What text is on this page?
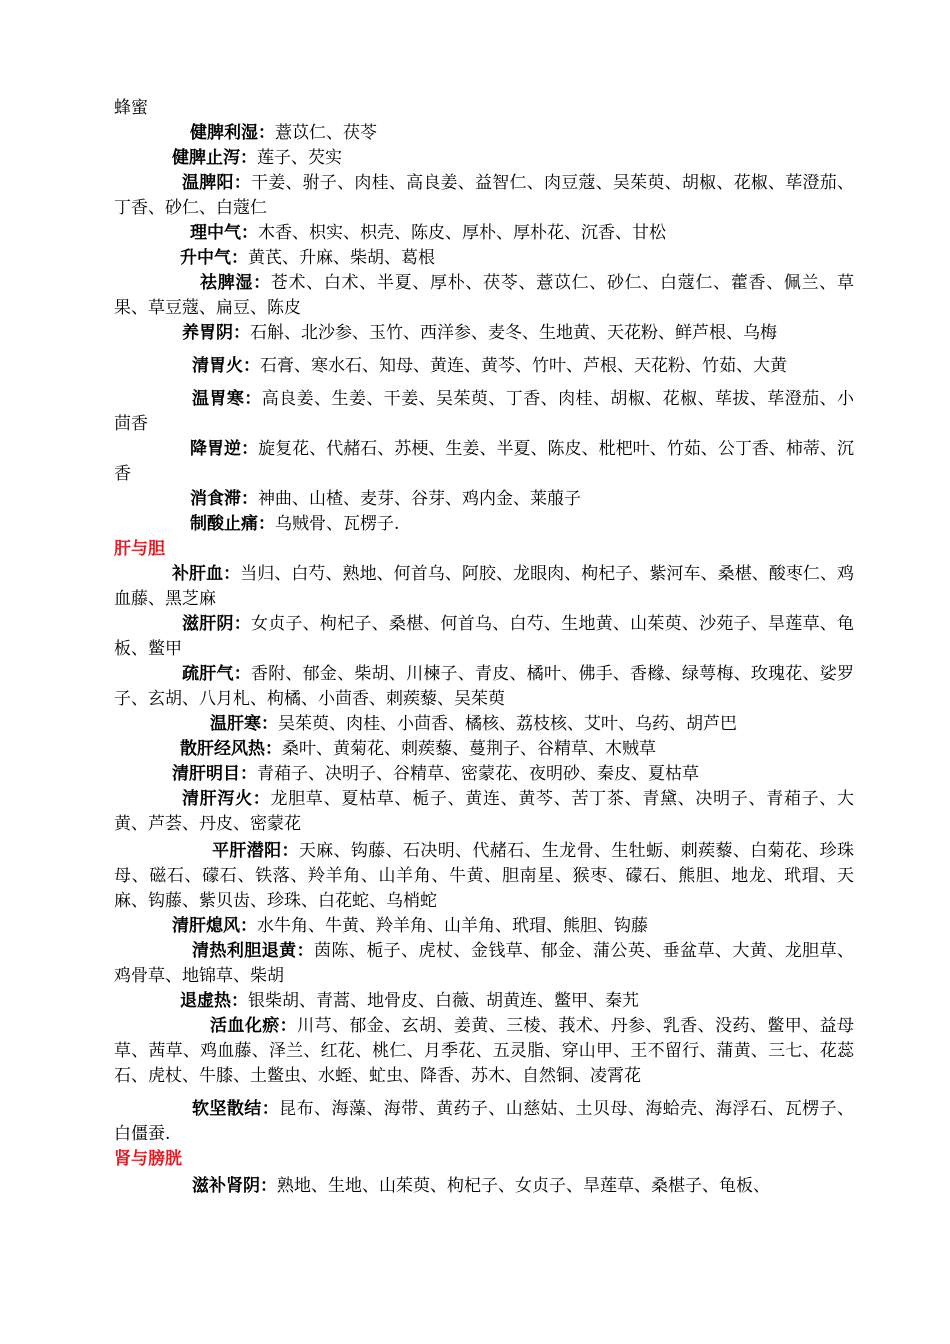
蜂蜜

健脾利湿：薏苡仁、茯苓

健脾止泻：莲子、芡实

温脾阳：干姜、驸子、肉桂、高良姜、益智仁、肉豆蔻、吴茱萸、胡椒、花椒、荜澄茄、丁香、砂仁、白蔻仁

理中气：木香、枳实、枳壳、陈皮、厚朴、厚朴花、沉香、甘松

升中气：黄芪、升麻、柴胡、葛根

祛脾湿：苍术、白术、半夏、厚朴、茯苓、薏苡仁、砂仁、白蔻仁、藿香、佩兰、草果、草豆蔻、扁豆、陈皮

养胃阴：石斛、北沙参、玉竹、西洋参、麦冬、生地黄、天花粉、鲜芦根、乌梅

清胃火：石膏、寒水石、知母、黄连、黄芩、竹叶、芦根、天花粉、竹茹、大黄

温胃寒：高良姜、生姜、干姜、吴茱萸、丁香、肉桂、胡椒、花椒、荜拔、荜澄茄、小茴香

降胃逆：旋复花、代赭石、苏梗、生姜、半夏、陈皮、枇杷叶、竹茹、公丁香、柿蒂、沉香

消食滞：神曲、山楂、麦芽、谷芽、鸡内金、莱菔子

制酸止痛：乌贼骨、瓦楞子.

肝与胆

补肝血：当归、白芍、熟地、何首乌、阿胶、龙眼肉、枸杞子、紫河车、桑椹、酸枣仁、鸡血藤、黑芝麻

滋肝阴：女贞子、枸杞子、桑椹、何首乌、白芍、生地黄、山茱萸、沙苑子、旱莲草、龟板、鳖甲

疏肝气：香附、郁金、柴胡、川楝子、青皮、橘叶、佛手、香橼、绿萼梅、玫瑰花、娑罗子、玄胡、八月札、枸橘、小茴香、刺蒺藜、吴茱萸

温肝寒：吴茱萸、肉桂、小茴香、橘核、荔枝核、艾叶、乌药、胡芦巴

散肝经风热：桑叶、黄菊花、刺蒺藜、蔓荆子、谷精草、木贼草

清肝明目：青葙子、决明子、谷精草、密蒙花、夜明砂、秦皮、夏枯草

清肝泻火：龙胆草、夏枯草、栀子、黄连、黄芩、苦丁茶、青黛、决明子、青葙子、大黄、芦荟、丹皮、密蒙花

平肝潜阳：天麻、钩藤、石决明、代赭石、生龙骨、生牡蛎、刺蒺藜、白菊花、珍珠母、磁石、礞石、铁落、羚羊角、山羊角、牛黄、胆南星、猴枣、礞石、熊胆、地龙、玳瑁、天麻、钩藤、紫贝齿、珍珠、白花蛇、乌梢蛇

清肝熄风：水牛角、牛黄、羚羊角、山羊角、玳瑁、熊胆、钩藤

清热利胆退黄：茵陈、栀子、虎杖、金钱草、郁金、蒲公英、垂盆草、大黄、龙胆草、鸡骨草、地锦草、柴胡

退虚热：银柴胡、青蒿、地骨皮、白薇、胡黄连、鳖甲、秦艽

活血化瘀：川芎、郁金、玄胡、姜黄、三棱、莪术、丹参、乳香、没药、鳖甲、益母草、茜草、鸡血藤、泽兰、红花、桃仁、月季花、五灵脂、穿山甲、王不留行、蒲黄、三七、花蕊石、虎杖、牛膝、土鳖虫、水蛭、虻虫、降香、苏木、自然铜、凌霄花

软坚散结：昆布、海藻、海带、黄药子、山慈姑、土贝母、海蛤壳、海浮石、瓦楞子、白僵蚕.

肾与膀胱

滋补肾阴：熟地、生地、山茱萸、枸杞子、女贞子、旱莲草、桑椹子、龟板、
